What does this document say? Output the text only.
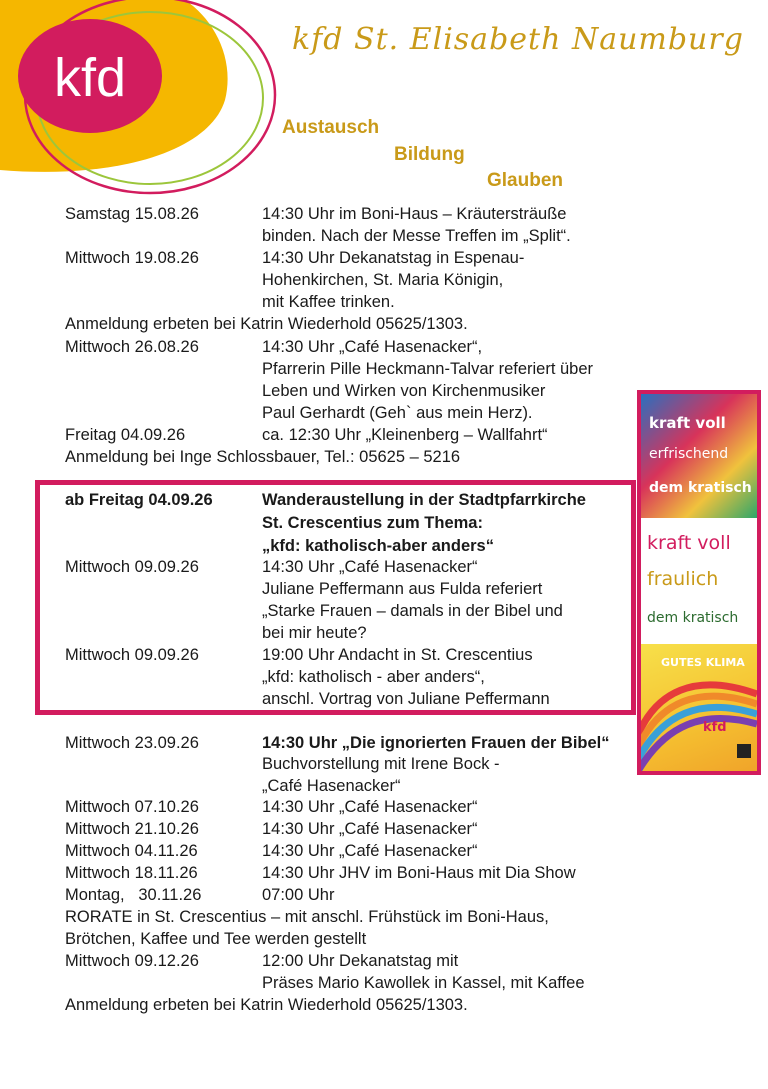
kfd
kfd St. Elisabeth Naumburg
Austausch
Bildung
Glauben
Samstag 15.08.26	14:30 Uhr im Boni-Haus – Kräutersträuße
binden. Nach der Messe Treffen im „Split“.
Mittwoch 19.08.26	14:30 Uhr Dekanatstag in Espenau-
Hohenkirchen, St. Maria Königin,
mit Kaffee trinken.
Anmeldung erbeten bei Katrin Wiederhold 05625/1303.
Mittwoch 26.08.26	14:30 Uhr „Café Hasenacker“,
Pfarrerin Pille Heckmann-Talvar referiert über
Leben und Wirken von Kirchenmusiker
Paul Gerhardt (Geh` aus mein Herz).
Freitag 04.09.26	ca. 12:30 Uhr „Kleinenberg – Wallfahrt“
Anmeldung bei Inge Schlossbauer, Tel.: 05625 – 5216
ab Freitag 04.09.26	Wanderaustellung in der Stadtpfarrkirche
St. Crescentius zum Thema:
„kfd: katholisch-aber anders“
Mittwoch 09.09.26	14:30 Uhr „Café Hasenacker“
Juliane Peffermann aus Fulda referiert
„Starke Frauen – damals in der Bibel und
bei mir heute?
Mittwoch 09.09.26	19:00 Uhr Andacht in St. Crescentius
„kfd: katholisch - aber anders“,
anschl. Vortrag von Juliane Peffermann
Mittwoch 23.09.26	14:30 Uhr „Die ignorierten Frauen der Bibel“
Buchvorstellung mit Irene Bock -
„Café Hasenacker“
Mittwoch 07.10.26	14:30 Uhr „Café Hasenacker“
Mittwoch 21.10.26	14:30 Uhr „Café Hasenacker“
Mittwoch 04.11.26	14:30 Uhr „Café Hasenacker“
Mittwoch 18.11.26	14:30 Uhr JHV im Boni-Haus mit Dia Show
Montag,   30.11.26	07:00 Uhr
RORATE in St. Crescentius – mit anschl. Frühstück im Boni-Haus,
Brötchen, Kaffee und Tee werden gestellt
Mittwoch 09.12.26	12:00 Uhr Dekanatstag mit
Präses Mario Kawollek in Kassel, mit Kaffee
Anmeldung erbeten bei Katrin Wiederhold 05625/1303.
kraft voll
erfrischend
dem kratisch
kraft voll
fraulich
dem kratisch
GUTES KLIMA
kfd
